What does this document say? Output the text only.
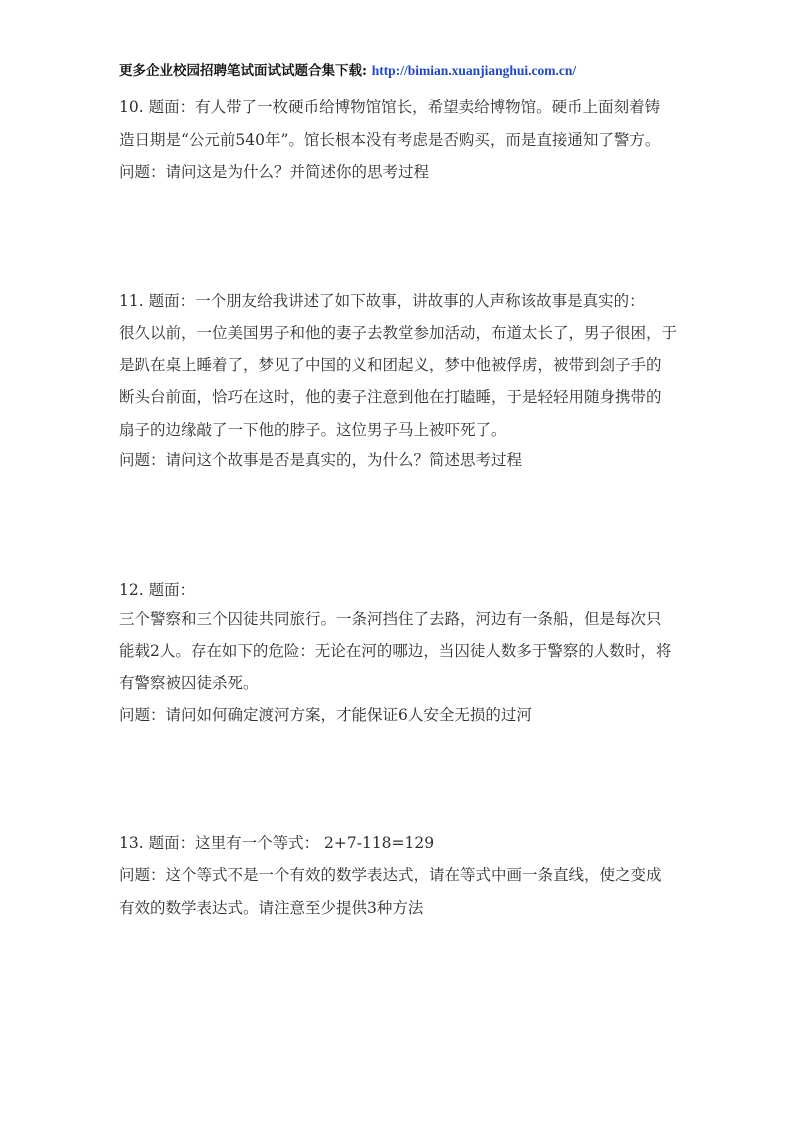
更多企业校园招聘笔试面试试题合集下载: http://bimian.xuanjianghui.com.cn/
10. 题面：有人带了一枚硬币给博物馆馆长，希望卖给博物馆。硬币上面刻着铸
造日期是“公元前540年”。馆长根本没有考虑是否购买，而是直接通知了警方。
问题：请问这是为什么？并简述你的思考过程
11. 题面：一个朋友给我讲述了如下故事，讲故事的人声称该故事是真实的：
很久以前，一位美国男子和他的妻子去教堂参加活动，布道太长了，男子很困，于
是趴在桌上睡着了，梦见了中国的义和团起义，梦中他被俘虏，被带到刽子手的
断头台前面，恰巧在这时，他的妻子注意到他在打瞌睡，于是轻轻用随身携带的
扇子的边缘敲了一下他的脖子。这位男子马上被吓死了。
问题：请问这个故事是否是真实的，为什么？简述思考过程
12. 题面：
三个警察和三个囚徒共同旅行。一条河挡住了去路，河边有一条船，但是每次只
能载2人。存在如下的危险：无论在河的哪边，当囚徒人数多于警察的人数时，将
有警察被囚徒杀死。
问题：请问如何确定渡河方案，才能保证6人安全无损的过河
13. 题面：这里有一个等式： 2+7-118=129
问题：这个等式不是一个有效的数学表达式，请在等式中画一条直线，使之变成
有效的数学表达式。请注意至少提供3种方法
